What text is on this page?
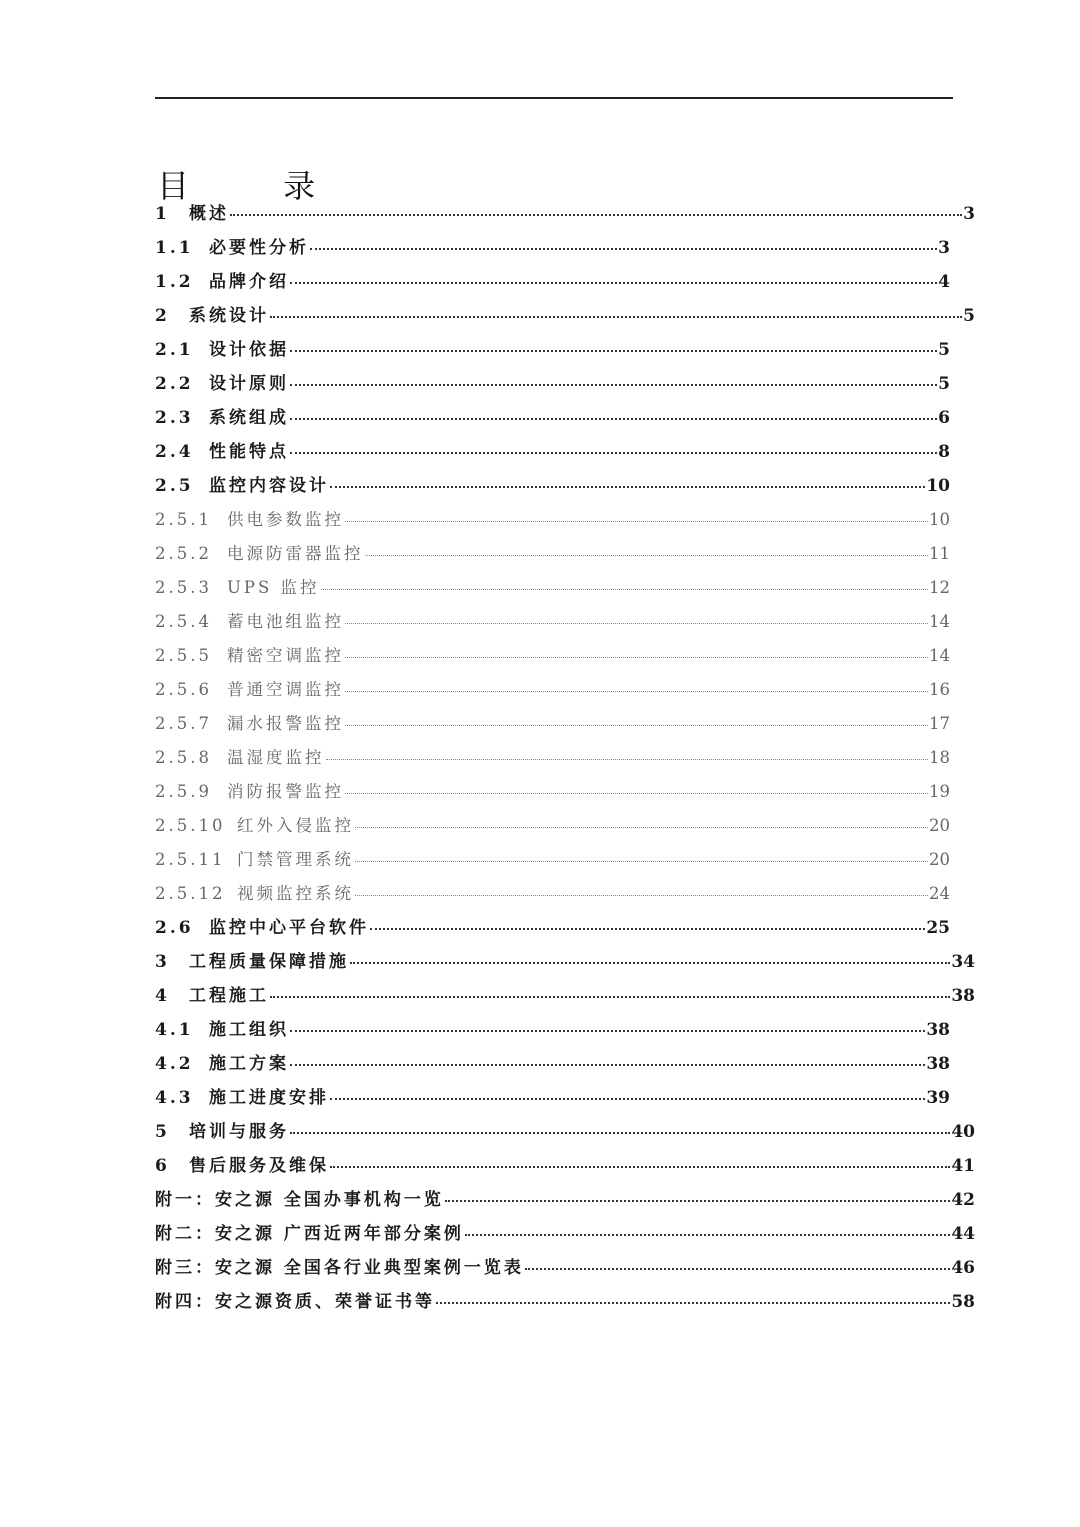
目 录
1	概述	3
1.1 必要性分析	3
1.2 品牌介绍	4
2	系统设计	5
2.1 设计依据	5
2.2 设计原则	5
2.3 系统组成	6
2.4 性能特点	8
2.5 监控内容设计	10
2.5.1 供电参数监控	10
2.5.2 电源防雷器监控	11
2.5.3 UPS 监控	12
2.5.4 蓄电池组监控	14
2.5.5 精密空调监控	14
2.5.6 普通空调监控	16
2.5.7 漏水报警监控	17
2.5.8 温湿度监控	18
2.5.9 消防报警监控	19
2.5.10 红外入侵监控	20
2.5.11 门禁管理系统	20
2.5.12 视频监控系统	24
2.6 监控中心平台软件	25
3	工程质量保障措施	34
4	工程施工	38
4.1 施工组织	38
4.2 施工方案	38
4.3 施工进度安排	39
5	培训与服务	40
6	售后服务及维保	41
附一：安之源 全国办事机构一览	42
附二：安之源 广西近两年部分案例	44
附三：安之源 全国各行业典型案例一览表	46
附四：安之源资质、荣誉证书等	58
